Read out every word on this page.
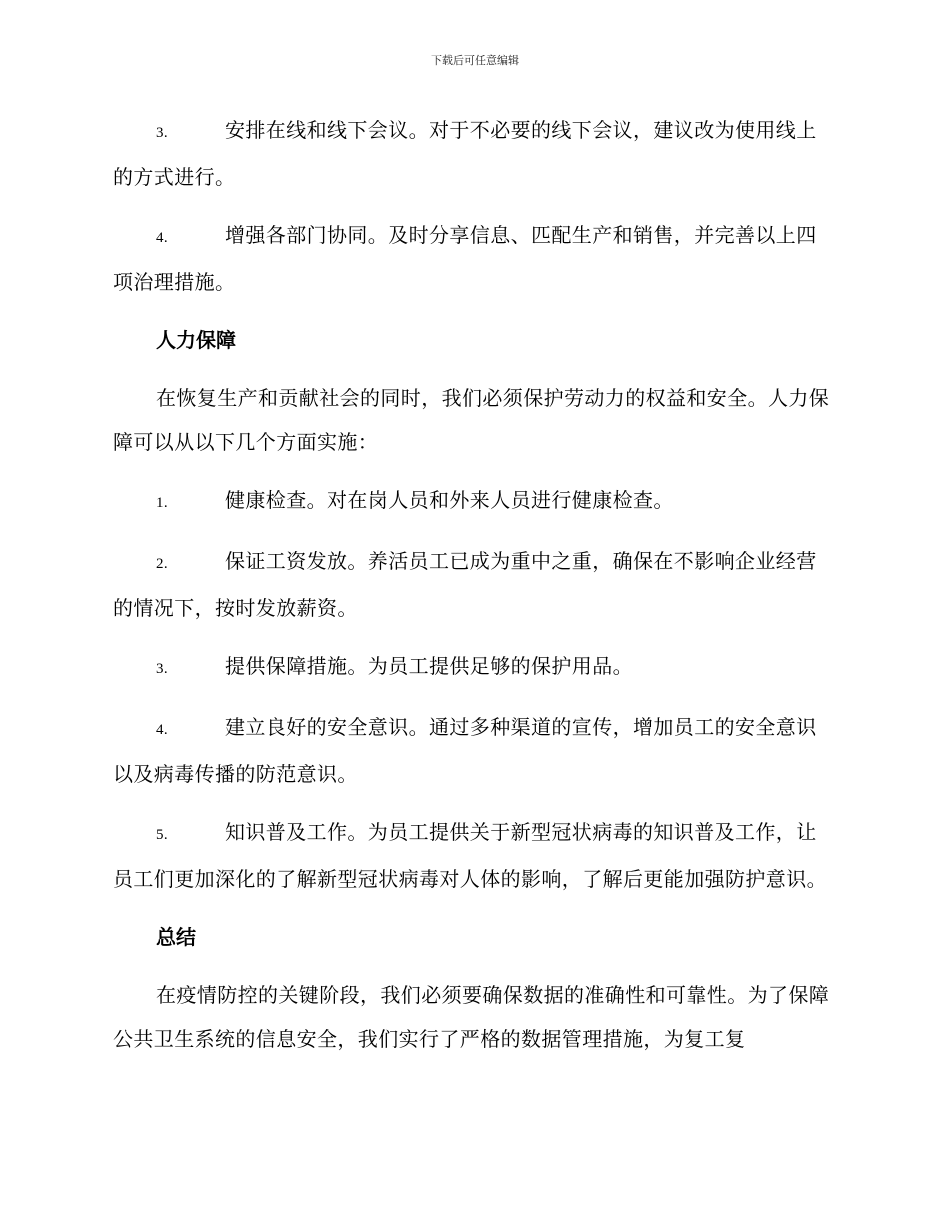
下载后可任意编辑
3.	安排在线和线下会议。对于不必要的线下会议，建议改为使用线上的方式进行。
4.	增强各部门协同。及时分享信息、匹配生产和销售，并完善以上四项治理措施。
人力保障
在恢复生产和贡献社会的同时，我们必须保护劳动力的权益和安全。人力保障可以从以下几个方面实施：
1.	健康检查。对在岗人员和外来人员进行健康检查。
2.	保证工资发放。养活员工已成为重中之重，确保在不影响企业经营的情况下，按时发放薪资。
3.	提供保障措施。为员工提供足够的保护用品。
4.	建立良好的安全意识。通过多种渠道的宣传，增加员工的安全意识以及病毒传播的防范意识。
5.	知识普及工作。为员工提供关于新型冠状病毒的知识普及工作，让员工们更加深化的了解新型冠状病毒对人体的影响，了解后更能加强防护意识。
总结
在疫情防控的关键阶段，我们必须要确保数据的准确性和可靠性。为了保障公共卫生系统的信息安全，我们实行了严格的数据管理措施，为复工复
